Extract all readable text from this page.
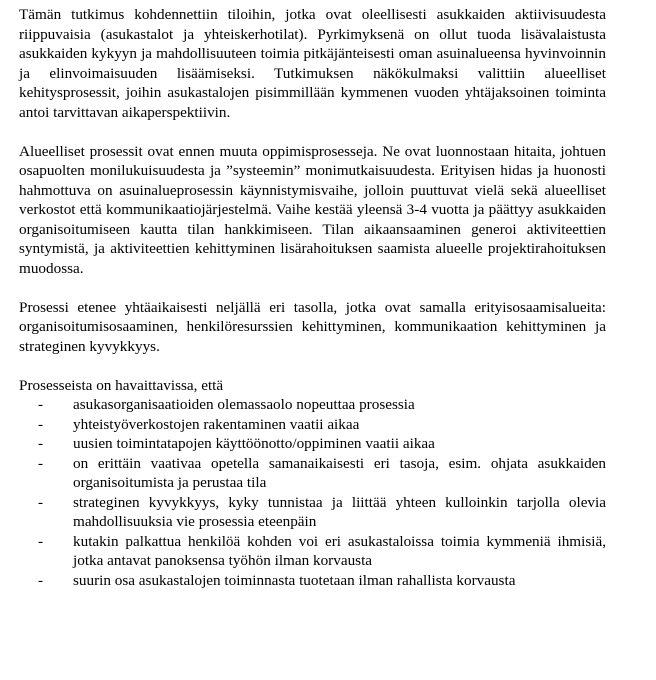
Tämän tutkimus kohdennettiin tiloihin, jotka ovat oleellisesti asukkaiden aktiivisuudesta riippuvaisia (asukastalot ja yhteiskerhotilat). Pyrkimyksenä on ollut tuoda lisävalaistusta asukkaiden kykyyn ja mahdollisuuteen toimia pitkäjänteisesti oman asuinalueensa hyvinvoinnin ja elinvoimaisuuden lisäämiseksi. Tutkimuksen näkökulmaksi valittiin alueelliset kehitysprosessit, joihin asukastalojen pisimmillään kymmenen vuoden yhtäjaksoinen toiminta antoi tarvittavan aikaperspektiivin.

Alueelliset prosessit ovat ennen muuta oppimisprosesseja. Ne ovat luonnostaan hitaita, johtuen osapuolten monilukuisuudesta ja ”systeemin” monimutkaisuudesta. Erityisen hidas ja huonosti hahmottuva on asuinalueprosessin käynnistymisvaihe, jolloin puuttuvat vielä sekä alueelliset verkostot että kommunikaatiojärjestelmä. Vaihe kestää yleensä 3-4 vuotta ja päättyy asukkaiden organisoitumiseen kautta tilan hankkimiseen. Tilan aikaansaaminen generoi aktiviteettien syntymistä, ja aktiviteettien kehittyminen lisärahoituksen saamista alueelle projektirahoituksen muodossa.

Prosessi etenee yhtäaikaisesti neljällä eri tasolla, jotka ovat samalla erityisosaamisalueita: organisoitumisosaaminen, henkilöresurssien kehittyminen, kommunikaation kehittyminen ja strateginen kyvykkyys.

Prosesseista on havaittavissa, että

- asukasorganisaatioiden olemassaolo nopeuttaa prosessia
- yhteistyöverkostojen rakentaminen vaatii aikaa
- uusien toimintatapojen käyttöönotto/oppiminen vaatii aikaa
- on erittäin vaativaa opetella samanaikaisesti eri tasoja, esim. ohjata asukkaiden organisoitumista ja perustaa tila
- strateginen kyvykkyys, kyky tunnistaa ja liittää yhteen kulloinkin tarjolla olevia mahdollisuuksia vie prosessia eteenpäin
- kutakin palkattua henkilöä kohden voi eri asukastaloissa toimia kymmeniä ihmisiä, jotka antavat panoksensa työhön ilman korvausta
- suurin osa asukastalojen toiminnasta tuotetaan ilman rahallista korvausta
